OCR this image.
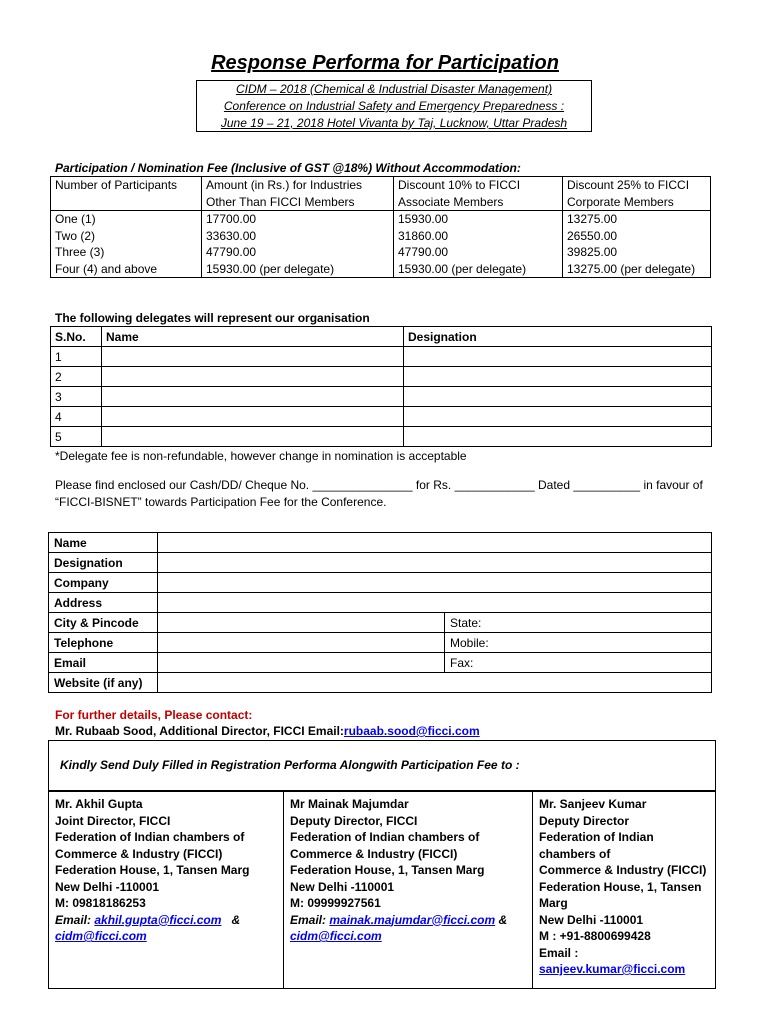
Response Performa for Participation
CIDM – 2018 (Chemical & Industrial Disaster Management)
Conference on Industrial Safety and Emergency Preparedness :
June 19 – 21, 2018 Hotel Vivanta by Taj, Lucknow, Uttar Pradesh
Participation / Nomination Fee (Inclusive of GST @18%) Without Accommodation:
Number of Participants	Amount (in Rs.) for Industries Other Than FICCI Members	Discount 10% to FICCI Associate Members	Discount 25% to FICCI Corporate Members
One (1)	17700.00	15930.00	13275.00
Two (2)	33630.00	31860.00	26550.00
Three (3)	47790.00	47790.00	39825.00
Four (4) and above	15930.00 (per delegate)	15930.00 (per delegate)	13275.00 (per delegate)
The following delegates will represent our organisation
S.No.	Name	Designation
1		
2		
3		
4		
5		
*Delegate fee is non-refundable, however change in nomination is acceptable
Please find enclosed our Cash/DD/ Cheque No. _______________ for Rs. ____________ Dated __________ in favour of “FICCI-BISNET” towards Participation Fee for the Conference.
Name		
Designation		
Company		
Address		
City & Pincode		State:
Telephone		Mobile:
Email		Fax:
Website (if any)		
For further details, Please contact:
Mr. Rubaab Sood, Additional Director, FICCI Email:rubaab.sood@ficci.com
Kindly Send Duly Filled in Registration Performa Alongwith Participation Fee to :
Mr. Akhil Gupta
Joint Director, FICCI
Federation of Indian chambers of
Commerce & Industry (FICCI)
Federation House, 1, Tansen Marg
New Delhi -110001
M: 09818186253
Email: akhil.gupta@ficci.com &
cidm@ficci.com

Mr Mainak Majumdar
Deputy Director, FICCI
Federation of Indian chambers of
Commerce & Industry (FICCI)
Federation House, 1, Tansen Marg
New Delhi -110001
M: 09999927561
Email: mainak.majumdar@ficci.com &
cidm@ficci.com

Mr. Sanjeev Kumar
Deputy Director
Federation of Indian chambers of
Commerce & Industry (FICCI)
Federation House, 1, Tansen Marg
New Delhi -110001
M : +91-8800699428
Email : sanjeev.kumar@ficci.com
